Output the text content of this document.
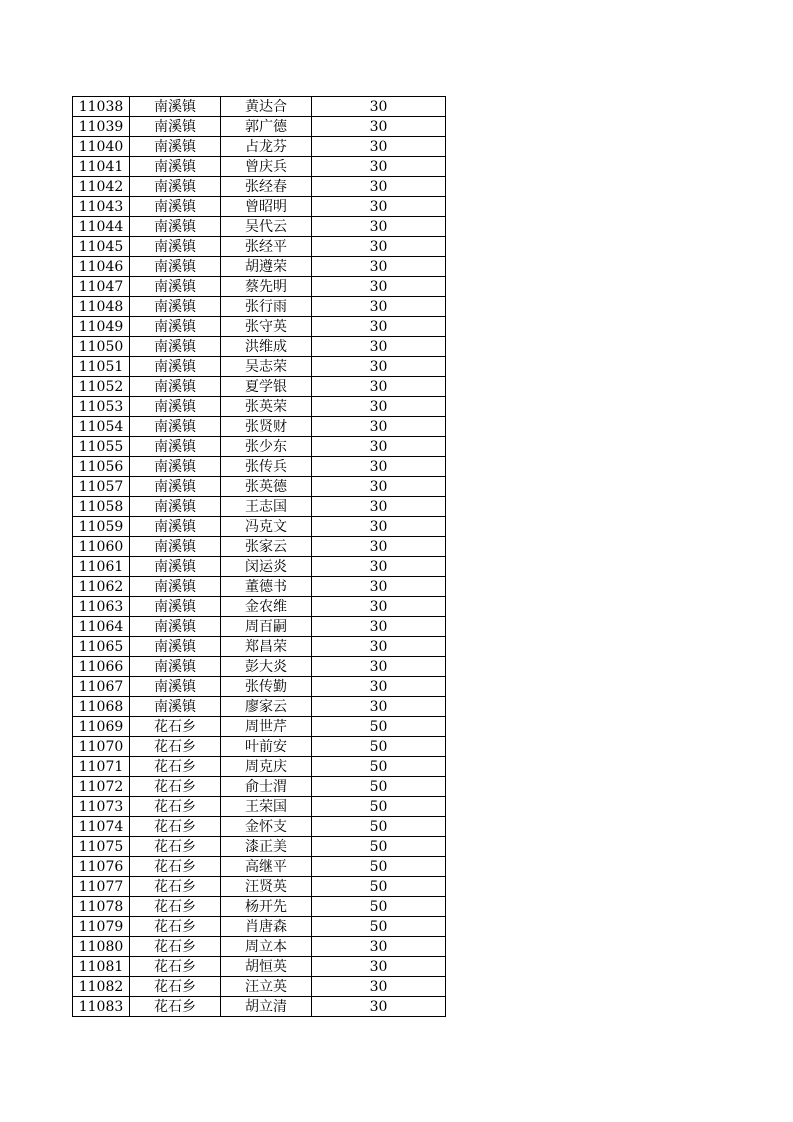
11038	南溪镇	黄达合	30
11039	南溪镇	郭广德	30
11040	南溪镇	占龙芬	30
11041	南溪镇	曾庆兵	30
11042	南溪镇	张经春	30
11043	南溪镇	曾昭明	30
11044	南溪镇	吴代云	30
11045	南溪镇	张经平	30
11046	南溪镇	胡遵荣	30
11047	南溪镇	蔡先明	30
11048	南溪镇	张行雨	30
11049	南溪镇	张守英	30
11050	南溪镇	洪维成	30
11051	南溪镇	吴志荣	30
11052	南溪镇	夏学银	30
11053	南溪镇	张英荣	30
11054	南溪镇	张贤财	30
11055	南溪镇	张少东	30
11056	南溪镇	张传兵	30
11057	南溪镇	张英德	30
11058	南溪镇	王志国	30
11059	南溪镇	冯克文	30
11060	南溪镇	张家云	30
11061	南溪镇	闵运炎	30
11062	南溪镇	董德书	30
11063	南溪镇	金农维	30
11064	南溪镇	周百嗣	30
11065	南溪镇	郑昌荣	30
11066	南溪镇	彭大炎	30
11067	南溪镇	张传勤	30
11068	南溪镇	廖家云	30
11069	花石乡	周世芹	50
11070	花石乡	叶前安	50
11071	花石乡	周克庆	50
11072	花石乡	俞士渭	50
11073	花石乡	王荣国	50
11074	花石乡	金怀支	50
11075	花石乡	漆正美	50
11076	花石乡	高继平	50
11077	花石乡	汪贤英	50
11078	花石乡	杨开先	50
11079	花石乡	肖唐森	50
11080	花石乡	周立本	30
11081	花石乡	胡恒英	30
11082	花石乡	汪立英	30
11083	花石乡	胡立清	30
